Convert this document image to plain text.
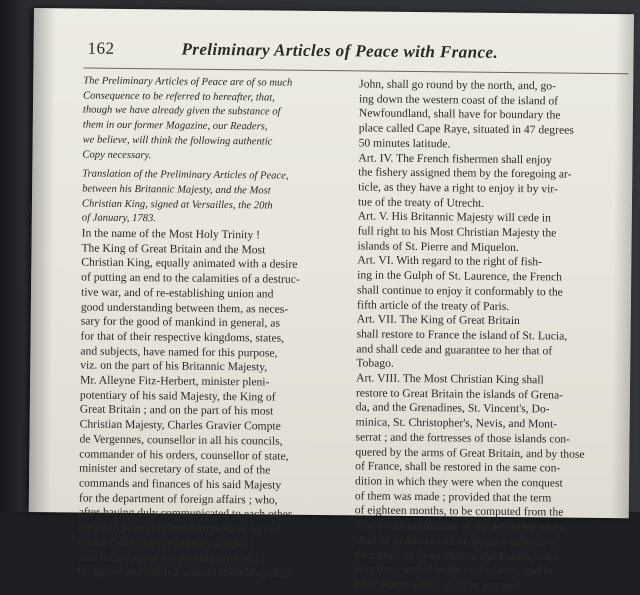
162	Preliminary Articles of Peace with France.
The Preliminary Articles of Peace are of so much
Consequence to be referred to hereafter, that,
though we have already given the substance of
them in our former Magazine, our Readers,
we believe, will think the following authentic
Copy necessary.
Translation of the Preliminary Articles of Peace,
between his Britannic Majesty, and the Most
Christian King, signed at Versailles, the 20th
of January, 1783.
In the name of the Most Holy Trinity !
The King of Great Britain and the Most
Christian King, equally animated with a desire
of putting an end to the calamities of a destruc-
tive war, and of re-establishing union and
good understanding between them, as neces-
sary for the good of mankind in general, as
for that of their respective kingdoms, states,
and subjects, have named for this purpose,
viz. on the part of his Britannic Majesty,
Mr. Alleyne Fitz-Herbert, minister pleni-
potentiary of his said Majesty, the King of
Great Britain ; and on the part of his most
Christian Majesty, Charles Gravier Compte
de Vergennes, counsellor in all his councils,
commander of his orders, counsellor of state,
minister and secretary of state, and of the
commands and finances of his said Majesty
for the department of foreign affairs ; who,
after having duly communicated to each other
their full powers in good form, have agreed
on the following preliminary articles :
Art. I. As soon as the preliminaries shall
be signed and ratified, sincere friendship shall
John, shall go round by the north, and, go-
ing down the western coast of the island of
Newfoundland, shall have for boundary the
place called Cape Raye, situated in 47 degrees
50 minutes latitude.
Art. IV. The French fishermen shall enjoy
the fishery assigned them by the foregoing ar-
ticle, as they have a right to enjoy it by vir-
tue of the treaty of Utrecht.
Art. V. His Britannic Majesty will cede in
full right to his Most Christian Majesty the
islands of St. Pierre and Miquelon.
Art. VI. With regard to the right of fish-
ing in the Gulph of St. Laurence, the French
shall continue to enjoy it conformably to the
fifth article of the treaty of Paris.
Art. VII. The King of Great Britain
shall restore to France the island of St. Lucia,
and shall cede and guarantee to her that of
Tobago.
Art. VIII. The Most Christian King shall
restore to Great Britain the islands of Grena-
da, and the Grenadines, St. Vincent's, Do-
minica, St. Christopher's, Nevis, and Mont-
serrat ; and the fortresses of those islands con-
quered by the arms of Great Britain, and by those
of France, shall be restored in the same con-
dition in which they were when the conquest
of them was made ; provided that the term
of eighteen months, to be computed from the
time of the ratification of the definitive treaty,
shall be granted to the respective subjects of
the crown of Great Britain and France, who
may have settled in the said islands, and in
other places which shall be restored
